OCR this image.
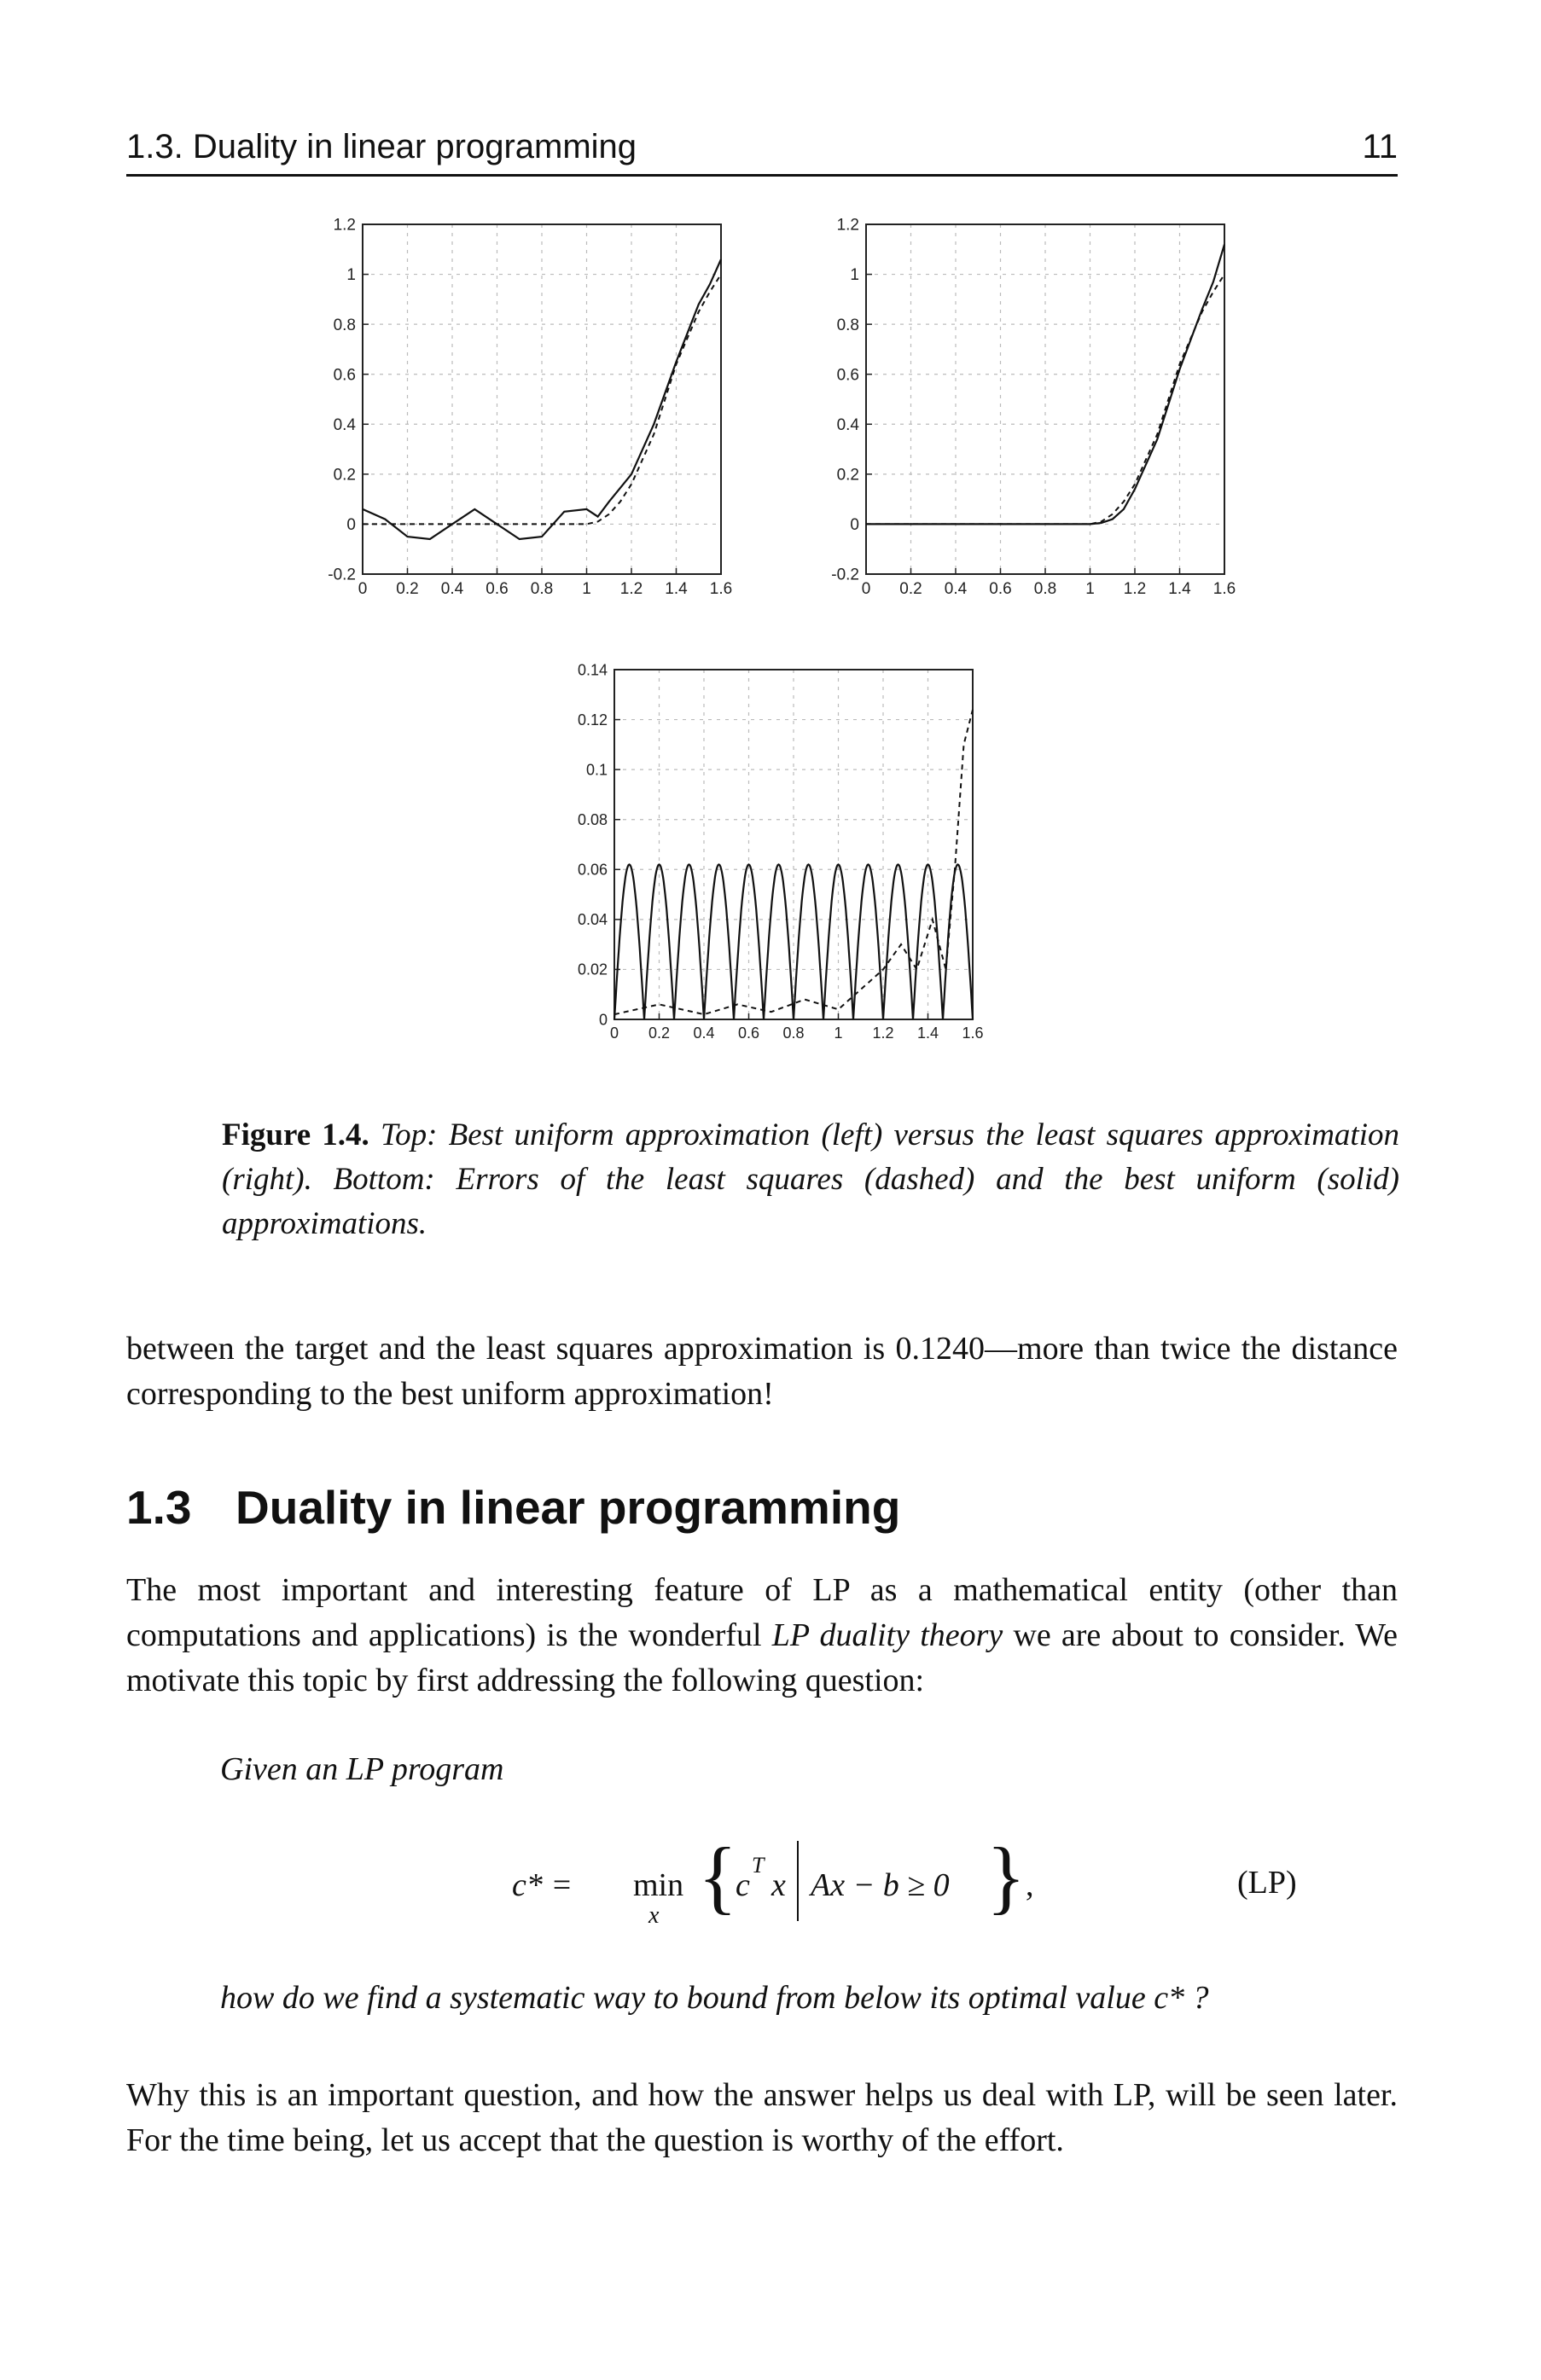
1.3. Duality in linear programming	11
0 0.2 0.4 0.6 0.8 1 1.2 1.4 1.6
-0.2
0
0.2
0.4
0.6
0.8
1
1.2
0 0.2 0.4 0.6 0.8 1 1.2 1.4 1.6
-0.2
0
0.2
0.4
0.6
0.8
1
1.2
0 0.2 0.4 0.6 0.8 1 1.2 1.4 1.6
0
0.02
0.04
0.06
0.08
0.1
0.12
0.14
Figure 1.4. Top: Best uniform approximation (left) versus the least squares approximation (right). Bottom: Errors of the least squares (dashed) and the best uniform (solid) approximations.
between the target and the least squares approximation is 0.1240—more than twice the distance corresponding to the best uniform approximation!
1.3 Duality in linear programming
The most important and interesting feature of LP as a mathematical entity (other than computations and applications) is the wonderful LP duality theory we are about to consider. We motivate this topic by first addressing the following question:
Given an LP program
c* = min
x {
c
T
x Ax − b ≥ 0 } ,	(LP)
how do we find a systematic way to bound from below its optimal value c* ?
Why this is an important question, and how the answer helps us deal with LP, will be seen later. For the time being, let us accept that the question is worthy of the effort.
